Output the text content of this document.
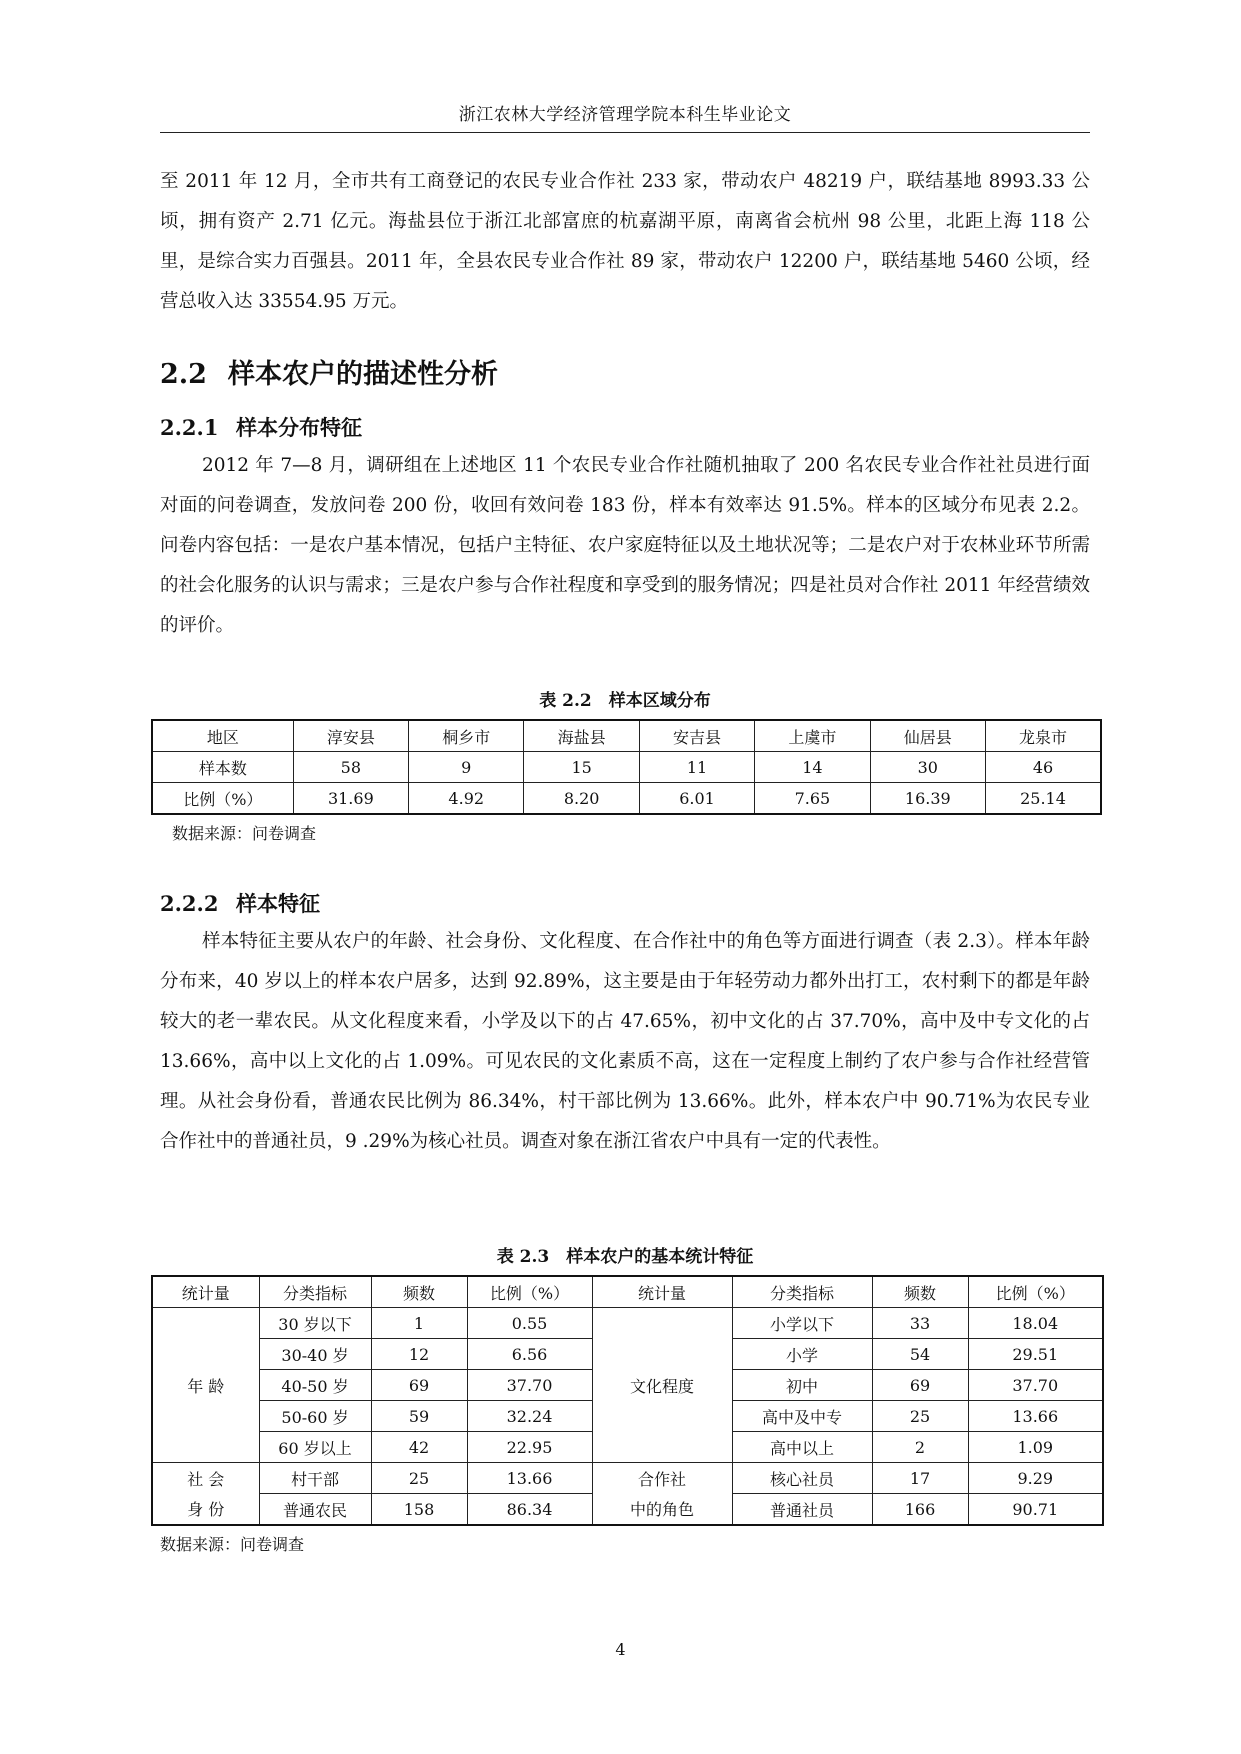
浙江农林大学经济管理学院本科生毕业论文

至 2011 年 12 月，全市共有工商登记的农民专业合作社 233 家，带动农户 48219 户，联结基地 8993.33 公顷，拥有资产 2.71 亿元。海盐县位于浙江北部富庶的杭嘉湖平原，南离省会杭州 98 公里，北距上海 118 公里，是综合实力百强县。2011 年，全县农民专业合作社 89 家，带动农户 12200 户，联结基地 5460 公顷，经营总收入达 33554.95 万元。

2.2 样本农户的描述性分析
2.2.1 样本分布特征

2012 年 7—8 月，调研组在上述地区 11 个农民专业合作社随机抽取了 200 名农民专业合作社社员进行面对面的问卷调查，发放问卷 200 份，收回有效问卷 183 份，样本有效率达 91.5%。样本的区域分布见表 2.2。问卷内容包括：一是农户基本情况，包括户主特征、农户家庭特征以及土地状况等；二是农户对于农林业环节所需的社会化服务的认识与需求；三是农户参与合作社程度和享受到的服务情况；四是社员对合作社 2011 年经营绩效的评价。

表 2.2　样本区域分布
地区	淳安县	桐乡市	海盐县	安吉县	上虞市	仙居县	龙泉市
样本数	58	9	15	11	14	30	46
比例（%）	31.69	4.92	8.20	6.01	7.65	16.39	25.14
数据来源：问卷调查
2.2.2 样本特征

样本特征主要从农户的年龄、社会身份、文化程度、在合作社中的角色等方面进行调查（表 2.3）。样本年龄分布来，40 岁以上的样本农户居多，达到 92.89%，这主要是由于年轻劳动力都外出打工，农村剩下的都是年龄较大的老一辈农民。从文化程度来看，小学及以下的占 47.65%，初中文化的占 37.70%，高中及中专文化的占 13.66%，高中以上文化的占 1.09%。可见农民的文化素质不高，这在一定程度上制约了农户参与合作社经营管理。从社会身份看，普通农民比例为 86.34%，村干部比例为 13.66%。此外，样本农户中 90.71%为农民专业合作社中的普通社员，9 .29%为核心社员。调查对象在浙江省农户中具有一定的代表性。

表 2.3　样本农户的基本统计特征
统计量	分类指标	频数	比例（%）	统计量	分类指标	频数	比例（%）
年 龄	30 岁以下	1	0.55	文化程度	小学以下	33	18.04
	30-40 岁	12	6.56		小学	54	29.51
	40-50 岁	69	37.70		初中	69	37.70
	50-60 岁	59	32.24		高中及中专	25	13.66
	60 岁以上	42	22.95		高中以上	2	1.09
社 会	村干部	25	13.66	合作社	核心社员	17	9.29
身 份	普通农民	158	86.34	中的角色	普通社员	166	90.71
数据来源：问卷调查
4
